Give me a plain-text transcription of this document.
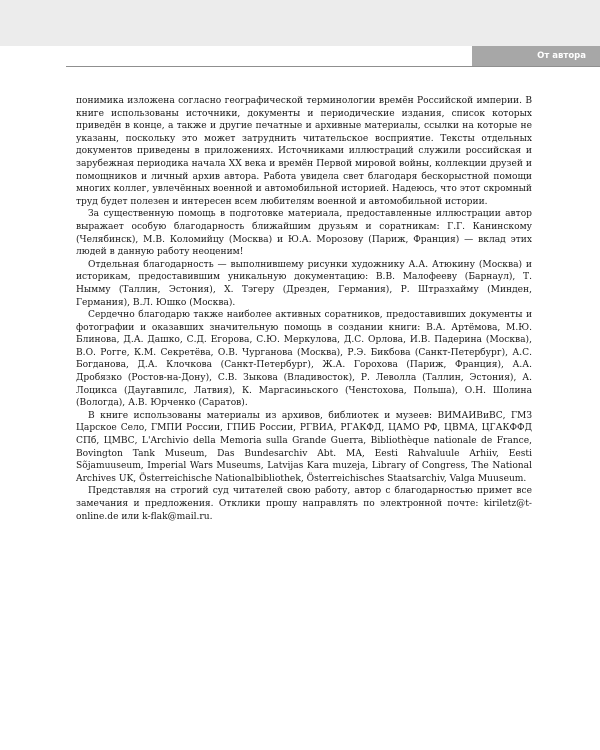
От автора

понимика изложена согласно географической терминологии времён Российской империи. В книге использованы источники, документы и периодические издания, список которых приведён в конце, а также и другие печатные и архивные материалы, ссылки на которые не указаны, поскольку это может затруднить читательское восприятие. Тексты отдельных документов приведены в приложениях. Источниками иллюстраций служили российская и зарубежная периодика начала XX века и времён Первой мировой войны, коллекции друзей и помощников и личный архив автора. Работа увидела свет благодаря бескорыстной помощи многих коллег, увлечённых военной и автомобильной историей. Надеюсь, что этот скромный труд будет полезен и интересен всем любителям военной и автомобильной истории.

За существенную помощь в подготовке материала, предоставленные иллюстрации автор выражает особую благодарность ближайшим друзьям и соратникам: Г.Г. Канинскому (Челябинск), М.В. Коломийцу (Москва) и Ю.А. Морозову (Париж, Франция) — вклад этих людей в данную работу неоценим!

Отдельная благодарность — выполнившему рисунки художнику А.А. Атюкину (Москва) и историкам, предоставившим уникальную документацию: В.В. Малофееву (Барнаул), Т. Ныммy (Таллин, Эстония), Х. Тэгеру (Дрезден, Германия), Р. Штразхайму (Минден, Германия), В.Л. Юшко (Москва).

Сердечно благодарю также наиболее активных соратников, предоставивших документы и фотографии и оказавших значительную помощь в создании книги: В.А. Артёмова, М.Ю. Блинова, Д.А. Дашко, С.Д. Егорова, С.Ю. Меркулова, Д.С. Орлова, И.В. Падерина (Москва), В.О. Рогге, К.М. Секретёва, О.В. Чурганова (Москва), Р.Э. Бикбова (Санкт-Петербург), А.С. Богданова, Д.А. Клочкова (Санкт-Петербург), Ж.А. Горохова (Париж, Франция), А.А. Дробязко (Ростов-на-Дону), С.В. Зыкова (Владивосток), Р. Леволла (Таллин, Эстония), А. Лоцикса (Даугавпилс, Латвия), К. Маргасиньского (Ченстохова, Польша), О.Н. Шолина (Вологда), А.В. Юрченко (Саратов).

В книге использованы материалы из архивов, библиотек и музеев: ВИМАИВиВС, ГМЗ Царское Село, ГМПИ России, ГПИБ России, РГВИА, РГАКФД, ЦАМО РФ, ЦВМА, ЦГАКФФД СПб, ЦМВС, L'Archivio della Memoria sulla Grande Guerra, Bibliothèque nationale de France, Bovington Tank Museum, Das Bundesarchiv Abt. MA, Eesti Rahvaluule Arhiiv, Eesti Sõjamuuseum, Imperial Wars Museums, Latvijas Kara muzeja, Library of Congress, The National Archives UK, Österreichische Nationalbibliothek, Österreichisches Staatsarchiv, Valga Muuseum.

Представляя на строгий суд читателей свою работу, автор с благодарностью примет все замечания и предложения. Отклики прошу направлять по электронной почте: kiriletz@t-online.de или k-flak@mail.ru.
